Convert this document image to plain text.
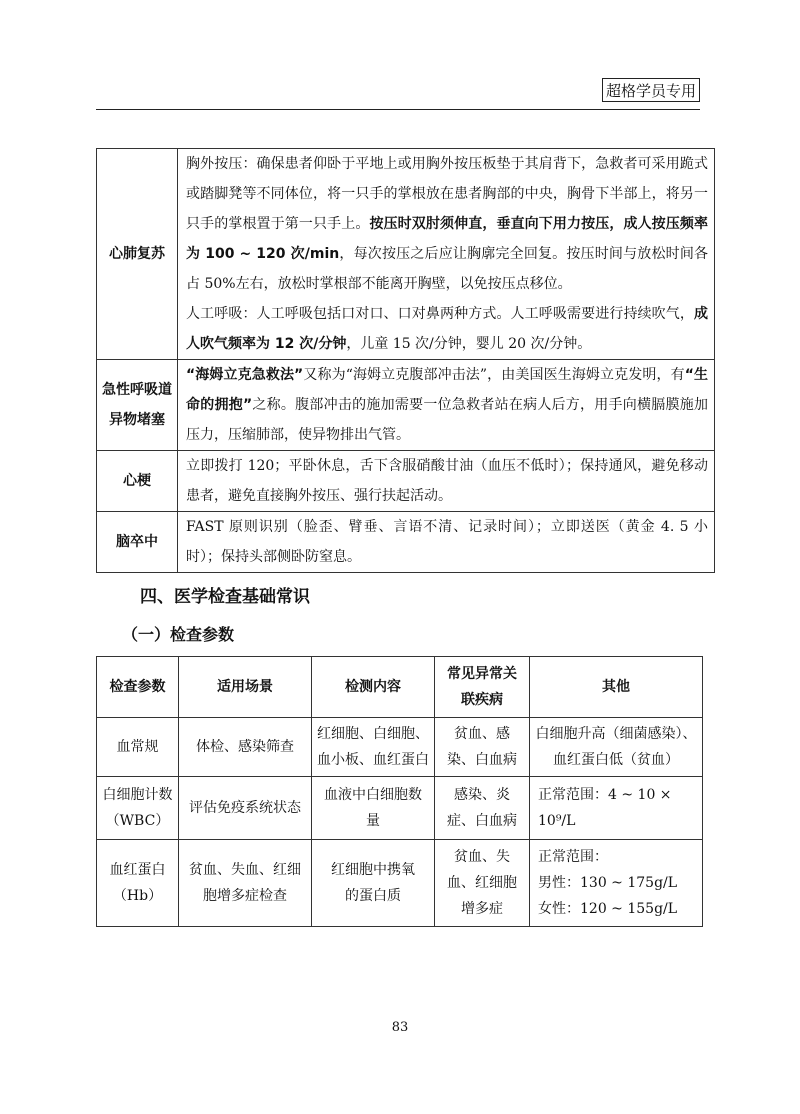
超格学员专用
心肺复苏	胸外按压：确保患者仰卧于平地上或用胸外按压板垫于其肩背下，急救者可采用跪式或踏脚凳等不同体位，将一只手的掌根放在患者胸部的中央，胸骨下半部上，将另一只手的掌根置于第一只手上。按压时双肘须伸直，垂直向下用力按压，成人按压频率为 100 ~ 120 次/min，每次按压之后应让胸廓完全回复。按压时间与放松时间各占 50%左右，放松时掌根部不能离开胸壁，以免按压点移位。

人工呼吸：人工呼吸包括口对口、口对鼻两种方式。人工呼吸需要进行持续吹气，成人吹气频率为 12 次/分钟，儿童 15 次/分钟，婴儿 20 次/分钟。

急性呼吸道异物堵塞	“海姆立克急救法”又称为“海姆立克腹部冲击法”，由美国医生海姆立克发明，有“生命的拥抱”之称。腹部冲击的施加需要一位急救者站在病人后方，用手向横膈膜施加压力，压缩肺部，使异物排出气管。
心梗	立即拨打 120；平卧休息，舌下含服硝酸甘油（血压不低时）；保持通风，避免移动患者，避免直接胸外按压、强行扶起活动。
脑卒中	FAST 原则识别（脸歪、臂垂、言语不清、记录时间）；立即送医（黄金 4. 5 小时）；保持头部侧卧防窒息。
四、医学检查基础常识
（一）检查参数
检查参数	适用场景	检测内容	常见异常关联疾病	其他
血常规	体检、感染筛查	红细胞、白细胞、血小板、血红蛋白	贫血、感染、白血病	白细胞升高（细菌感染）、血红蛋白低（贫血）
白细胞计数（WBC）	评估免疫系统状态	血液中白细胞数量	感染、炎症、白血病	正常范围：4 ~ 10 × 10⁹/L
血红蛋白（Hb）	贫血、失血、红细胞增多症检查	红细胞中携氧的蛋白质	贫血、失血、红细胞增多症	正常范围：
男性：130 ~ 175g/L
女性：120 ~ 155g/L
83
